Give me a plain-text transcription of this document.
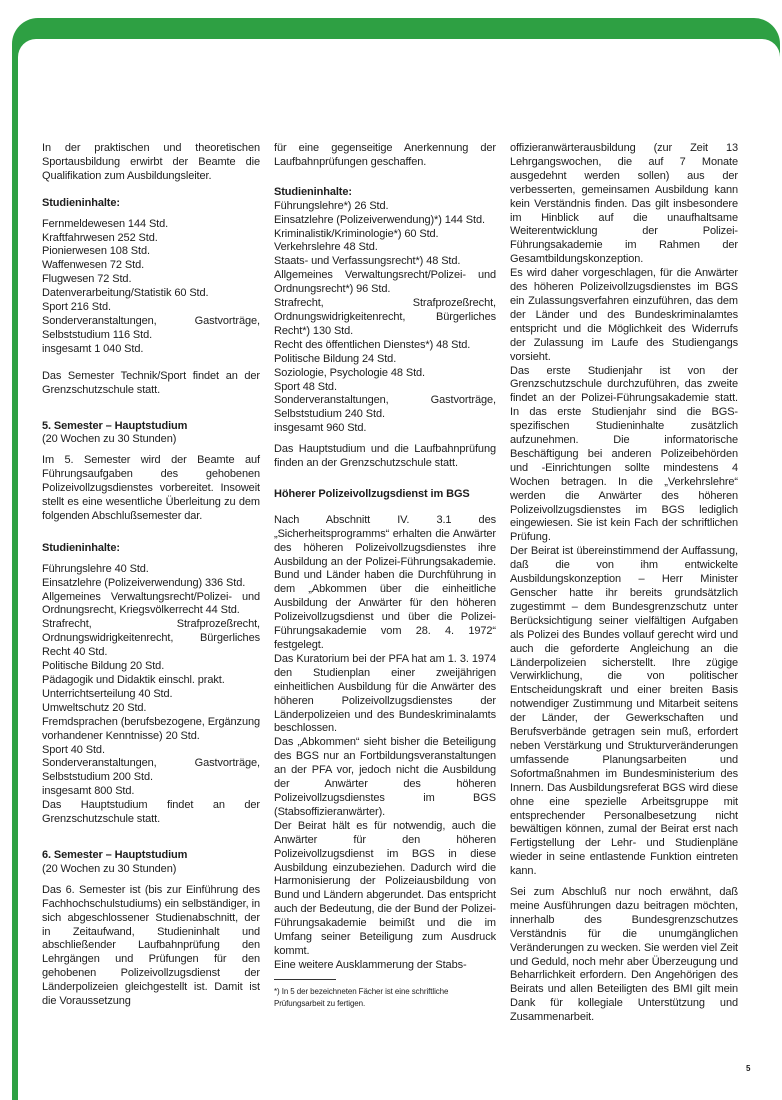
In der praktischen und theoretischen Sportausbildung erwirbt der Beamte die Qualifikation zum Ausbildungsleiter.

Studieninhalte:

Fernmeldewesen 144 Std.

Kraftfahrwesen 252 Std.

Pionierwesen 108 Std.

Waffenwesen 72 Std.

Flugwesen 72 Std.

Datenverarbeitung/Statistik 60 Std.

Sport 216 Std.

Sonderveranstaltungen, Gastvorträge, Selbststudium 116 Std.

insgesamt 1 040 Std.

Das Semester Technik/Sport findet an der Grenzschutzschule statt.

5. Semester – Hauptstudium

(20 Wochen zu 30 Stunden)

Im 5. Semester wird der Beamte auf Führungsaufgaben des gehobenen Polizeivollzugsdienstes vorbereitet. Insoweit stellt es eine wesentliche Überleitung zu dem folgenden Abschlußsemester dar.

Studieninhalte:

Führungslehre 40 Std.

Einsatzlehre (Polizeiverwendung) 336 Std.

Allgemeines Verwaltungsrecht/Polizei- und Ordnungsrecht, Kriegsvölkerrecht 44 Std.

Strafrecht, Strafprozeßrecht, Ordnungswidrigkeitenrecht, Bürgerliches Recht 40 Std.

Politische Bildung 20 Std.

Pädagogik und Didaktik einschl. prakt. Unterrichtserteilung 40 Std.

Umweltschutz 20 Std.

Fremdsprachen (berufsbezogene, Ergänzung vorhandener Kenntnisse) 20 Std.

Sport 40 Std.

Sonderveranstaltungen, Gastvorträge, Selbststudium 200 Std.

insgesamt 800 Std.

Das Hauptstudium findet an der Grenzschutzschule statt.

6. Semester – Hauptstudium

(20 Wochen zu 30 Stunden)

Das 6. Semester ist (bis zur Einführung des Fachhochschulstudiums) ein selbständiger, in sich abgeschlossener Studienabschnitt, der in Zeitaufwand, Studieninhalt und abschließender Laufbahnprüfung den Lehrgängen und Prüfungen für den gehobenen Polizeivollzugsdienst der Länderpolizeien gleichgestellt ist. Damit ist die Voraussetzung

für eine gegenseitige Anerkennung der Laufbahnprüfungen geschaffen.

Studieninhalte:

Führungslehre*) 26 Std.

Einsatzlehre (Polizeiverwendung)*) 144 Std.

Kriminalistik/Kriminologie*) 60 Std.

Verkehrslehre 48 Std.

Staats- und Verfassungsrecht*) 48 Std.

Allgemeines Verwaltungsrecht/Polizei- und Ordnungsrecht*) 96 Std.

Strafrecht, Strafprozeßrecht, Ordnungswidrigkeitenrecht, Bürgerliches Recht*) 130 Std.

Recht des öffentlichen Dienstes*) 48 Std.

Politische Bildung 24 Std.

Soziologie, Psychologie 48 Std.

Sport 48 Std.

Sonderveranstaltungen, Gastvorträge, Selbststudium 240 Std.

insgesamt 960 Std.

Das Hauptstudium und die Laufbahnprüfung finden an der Grenzschutzschule statt.

Höherer Polizeivollzugsdienst im BGS

Nach Abschnitt IV. 3.1 des „Sicherheitsprogramms“ erhalten die Anwärter des höheren Polizeivollzugsdienstes ihre Ausbildung an der Polizei-Führungsakademie. Bund und Länder haben die Durchführung in dem „Abkommen über die einheitliche Ausbildung der Anwärter für den höheren Polizeivollzugsdienst und über die Polizei-Führungsakademie vom 28. 4. 1972“ festgelegt.

Das Kuratorium bei der PFA hat am 1. 3. 1974 den Studienplan einer zweijährigen einheitlichen Ausbildung für die Anwärter des höheren Polizeivollzugsdienstes der Länderpolizeien und des Bundeskriminalamts beschlossen.

Das „Abkommen“ sieht bisher die Beteiligung des BGS nur an Fortbildungsveranstaltungen an der PFA vor, jedoch nicht die Ausbildung der Anwärter des höheren Polizeivollzugsdienstes im BGS (Stabsoffizieranwärter).

Der Beirat hält es für notwendig, auch die Anwärter für den höheren Polizeivollzugsdienst im BGS in diese Ausbildung einzubeziehen. Dadurch wird die Harmonisierung der Polizeiausbildung von Bund und Ländern abgerundet. Das entspricht auch der Bedeutung, die der Bund der Polizei-Führungsakademie beimißt und die im Umfang seiner Beteiligung zum Ausdruck kommt.

Eine weitere Ausklammerung der Stabs-

*) In 5 der bezeichneten Fächer ist eine schriftliche Prüfungsarbeit zu fertigen.

offizieranwärterausbildung (zur Zeit 13 Lehrgangswochen, die auf 7 Monate ausgedehnt werden sollen) aus der verbesserten, gemeinsamen Ausbildung kann kein Verständnis finden. Das gilt insbesondere im Hinblick auf die unaufhaltsame Weiterentwicklung der Polizei-Führungsakademie im Rahmen der Gesamtbildungskonzeption.

Es wird daher vorgeschlagen, für die Anwärter des höheren Polizeivollzugsdienstes im BGS ein Zulassungsverfahren einzuführen, das dem der Länder und des Bundeskriminalamtes entspricht und die Möglichkeit des Widerrufs der Zulassung im Laufe des Studiengangs vorsieht.

Das erste Studienjahr ist von der Grenzschutzschule durchzuführen, das zweite findet an der Polizei-Führungsakademie statt. In das erste Studienjahr sind die BGS-spezifischen Studieninhalte zusätzlich aufzunehmen. Die informatorische Beschäftigung bei anderen Polizeibehörden und -Einrichtungen sollte mindestens 4 Wochen betragen. In die „Verkehrslehre“ werden die Anwärter des höheren Polizeivollzugsdienstes im BGS lediglich eingewiesen. Sie ist kein Fach der schriftlichen Prüfung.

Der Beirat ist übereinstimmend der Auffassung, daß die von ihm entwickelte Ausbildungskonzeption – Herr Minister Genscher hatte ihr bereits grundsätzlich zugestimmt – dem Bundesgrenzschutz unter Berücksichtigung seiner vielfältigen Aufgaben als Polizei des Bundes vollauf gerecht wird und auch die geforderte Angleichung an die Länderpolizeien sicherstellt. Ihre zügige Verwirklichung, die von politischer Entscheidungskraft und einer breiten Basis notwendiger Zustimmung und Mitarbeit seitens der Länder, der Gewerkschaften und Berufsverbände getragen sein muß, erfordert neben Verstärkung und Strukturveränderungen umfassende Planungsarbeiten und Sofortmaßnahmen im Bundesministerium des Innern. Das Ausbildungsreferat BGS wird diese ohne eine spezielle Arbeitsgruppe mit entsprechender Personalbesetzung nicht bewältigen können, zumal der Beirat erst nach Fertigstellung der Lehr- und Studienpläne wieder in seine entlastende Funktion eintreten kann.

Sei zum Abschluß nur noch erwähnt, daß meine Ausführungen dazu beitragen möchten, innerhalb des Bundesgrenzschutzes Verständnis für die unumgänglichen Veränderungen zu wecken. Sie werden viel Zeit und Geduld, noch mehr aber Überzeugung und Beharrlichkeit erfordern. Den Angehörigen des Beirats und allen Beteiligten des BMI gilt mein Dank für kollegiale Unterstützung und Zusammenarbeit.

5
